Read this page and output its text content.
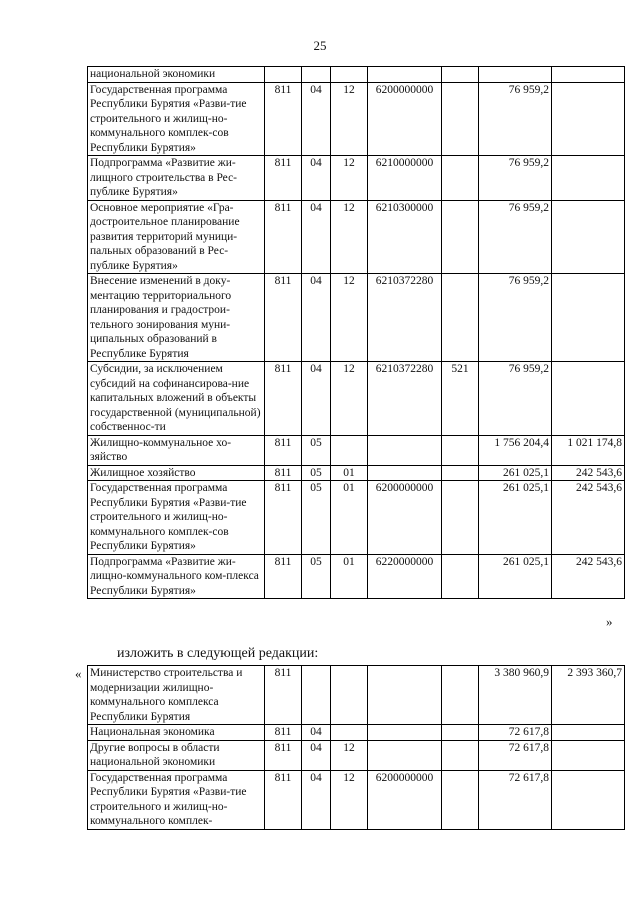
25
национальной экономики							
Государственная программа Республики Бурятия «Разви-тие строительного и жилищ-но-коммунального комплек-сов Республики Бурятия»	811	04	12	6200000000		76 959,2	
Подпрограмма «Развитие жи-лищного строительства в Рес-публике Бурятия»	811	04	12	6210000000		76 959,2	
Основное мероприятие «Гра-достроительное планирование развития территорий муници-пальных образований в Рес-публике Бурятия»	811	04	12	6210300000		76 959,2	
Внесение изменений в доку-ментацию территориального планирования и градострои-тельного зонирования муни-ципальных образований в Республике Бурятия	811	04	12	6210372280		76 959,2	
Субсидии, за исключением субсидий на софинансирова-ние капитальных вложений в объекты государственной (муниципальной) собственнос-ти	811	04	12	6210372280	521	76 959,2	
Жилищно-коммунальное хо-зяйство	811	05				1 756 204,4	1 021 174,8
Жилищное хозяйство	811	05	01			261 025,1	242 543,6
Государственная программа Республики Бурятия «Разви-тие строительного и жилищ-но-коммунального комплек-сов Республики Бурятия»	811	05	01	6200000000		261 025,1	242 543,6
Подпрограмма «Развитие жи-лищно-коммунального ком-плекса Республики Бурятия»	811	05	01	6220000000		261 025,1	242 543,6
»
изложить в следующей редакции:
« Министерство строительства и модернизации жилищно-коммунального комплекса Республики Бурятия	811					3 380 960,9	2 393 360,7
Национальная экономика	811	04				72 617,8	
Другие вопросы в области национальной экономики	811	04	12			72 617,8	
Государственная программа Республики Бурятия «Разви-тие строительного и жилищ-но-коммунального комплек-	811	04	12	6200000000		72 617,8	
